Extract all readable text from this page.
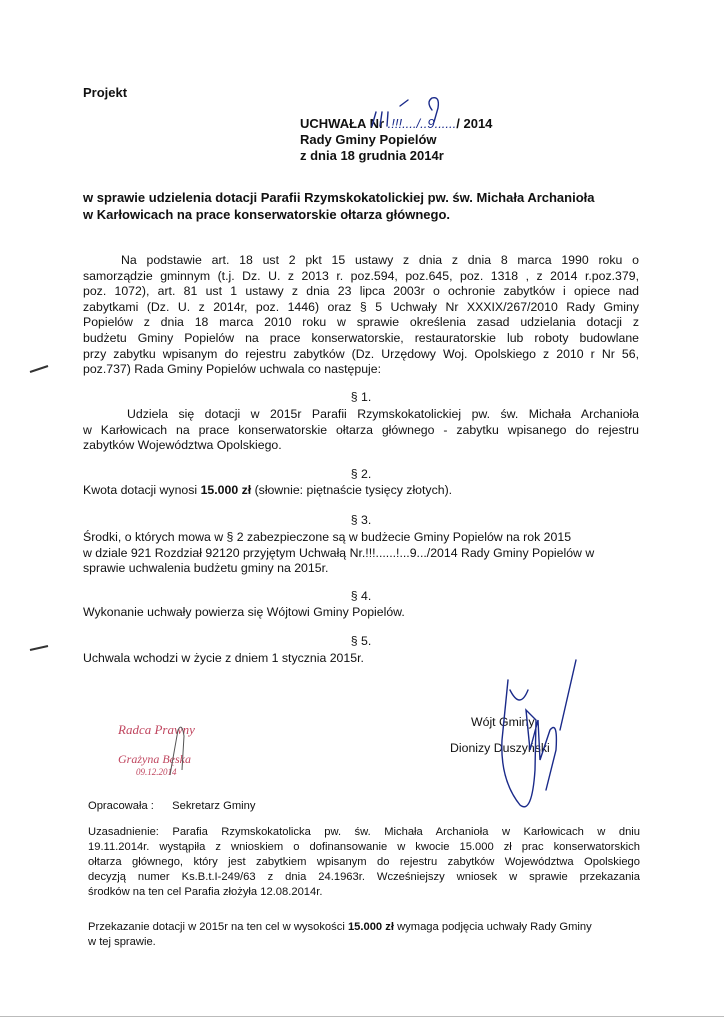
Projekt
UCHWAŁA Nr .!!!..../..9....../ 2014
Rady Gminy Popielów
z dnia 18 grudnia 2014r
w sprawie udzielenia dotacji Parafii Rzymskokatolickiej pw. św. Michała Archanioła
w Karłowicach na prace konserwatorskie ołtarza głównego.
Na podstawie art. 18 ust 2 pkt 15 ustawy z dnia z dnia 8 marca 1990 roku o
samorządzie gminnym (t.j. Dz. U. z 2013 r. poz.594, poz.645, poz. 1318 , z 2014 r.poz.379,
poz. 1072), art. 81 ust 1 ustawy z dnia 23 lipca 2003r o ochronie zabytków i opiece nad
zabytkami (Dz. U. z 2014r, poz. 1446) oraz § 5 Uchwały Nr XXXIX/267/2010 Rady Gminy
Popielów z dnia 18 marca 2010 roku w sprawie określenia zasad udzielania dotacji z
budżetu Gminy Popielów na prace konserwatorskie, restauratorskie lub roboty budowlane
przy zabytku wpisanym do rejestru zabytków (Dz. Urzędowy Woj. Opolskiego z 2010 r Nr 56,
poz.737) Rada Gminy Popielów uchwala co następuje:
§ 1.
Udziela się dotacji w 2015r Parafii Rzymskokatolickiej pw. św. Michała Archanioła
w Karłowicach na prace konserwatorskie ołtarza głównego - zabytku wpisanego do rejestru
zabytków Województwa Opolskiego.
§ 2.
Kwota dotacji wynosi 15.000 zł (słownie: piętnaście tysięcy złotych).
§ 3.
Środki, o których mowa w § 2 zabezpieczone są w budżecie Gminy Popielów na rok 2015
w dziale 921 Rozdział 92120 przyjętym Uchwałą Nr.!!!......!...9.../2014 Rady Gminy Popielów w
sprawie uchwalenia budżetu gminy na 2015r.
§ 4.
Wykonanie uchwały powierza się Wójtowi Gminy Popielów.
§ 5.
Uchwala wchodzi w życie z dniem 1 stycznia 2015r.
Wójt Gminy
Dionizy Duszyński
Radca Prawny
Grażyna Bęska
09.12.2014
Opracowała : Sekretarz Gminy
Uzasadnienie: Parafia Rzymskokatolicka pw. św. Michała Archanioła w Karłowicach w dniu
19.11.2014r. wystąpiła z wnioskiem o dofinansowanie w kwocie 15.000 zł prac konserwatorskich
ołtarza głównego, który jest zabytkiem wpisanym do rejestru zabytków Województwa Opolskiego
decyzją numer Ks.B.t.I-249/63 z dnia 24.1963r. Wcześniejszy wniosek w sprawie przekazania
środków na ten cel Parafia złożyła 12.08.2014r.
Przekazanie dotacji w 2015r na ten cel w wysokości 15.000 zł wymaga podjęcia uchwały Rady Gminy
w tej sprawie.
